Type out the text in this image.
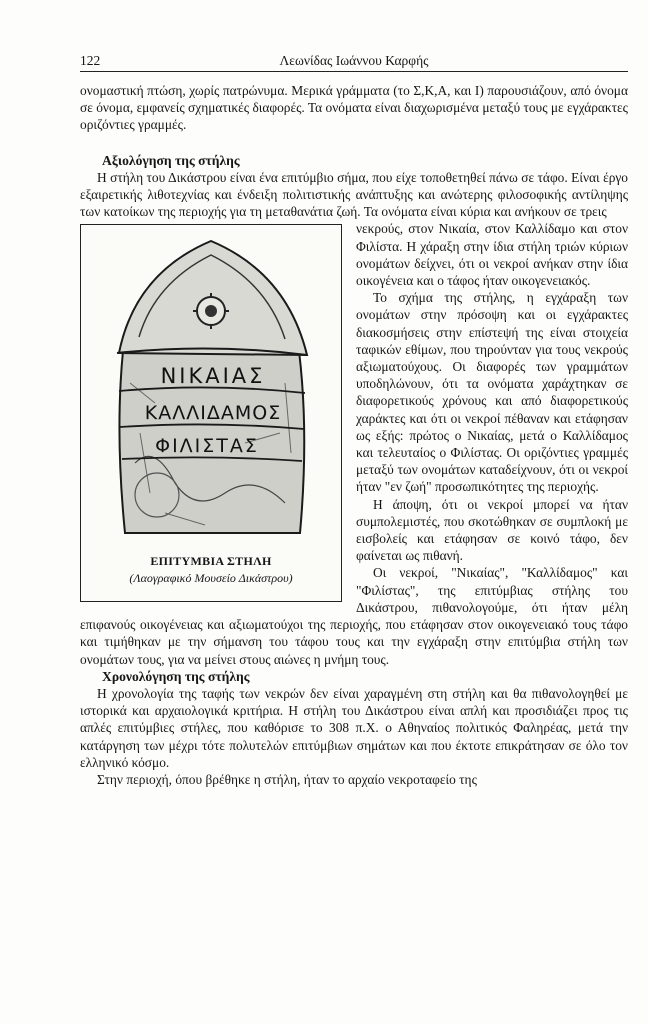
122	Λεωνίδας Ιωάννου Καρφής

ονομαστική πτώση, χωρίς πατρώνυμα. Μερικά γράμματα (το Σ,Κ,Α, και Ι) παρουσιάζουν, από όνομα σε όνομα, εμφανείς σχηματικές διαφορές. Τα ονόματα είναι διαχωρισμένα μεταξύ τους με εγχάρακτες οριζόντιες γραμμές.

Αξιολόγηση της στήλης

Η στήλη του Δικάστρου είναι ένα επιτύμβιο σήμα, που είχε τοποθετηθεί πάνω σε τάφο. Είναι έργο εξαιρετικής λιθοτεχνίας και ένδειξη πολιτιστικής ανάπτυξης και ανώτερης φιλοσοφικής αντίληψης των κατοίκων της περιοχής για τη μεταθανάτια ζωή. Τα ονόματα είναι κύρια και ανήκουν σε τρεις

ΝΙΚΑΙΑΣ
ΚΑΛΛΙΔΑΜΟΣ
ΦΙΛΙΣΤΑΣ
ΕΠΙΤΥΜΒΙΑ ΣΤΗΛΗ
(Λαογραφικό Μουσείο Δικάστρου)

νεκρούς, στον Νικαία, στον Καλλίδαμο και στον Φιλίστα. Η χάραξη στην ίδια στήλη τριών κύριων ονομάτων δείχνει, ότι οι νεκροί ανήκαν στην ίδια οικογένεια και ο τάφος ήταν οικογενειακός.

Το σχήμα της στήλης, η εγχάραξη των ονομάτων στην πρόσοψη και οι εγχάρακτες διακοσμήσεις στην επίστεψή της είναι στοιχεία ταφικών εθίμων, που τηρούνταν για τους νεκρούς αξιωματούχους. Οι διαφορές των γραμμάτων υποδηλώνουν, ότι τα ονόματα χαράχτηκαν σε διαφορετικούς χρόνους και από διαφορετικούς χαράκτες και ότι οι νεκροί πέθαναν και ετάφησαν ως εξής: πρώτος ο Νικαίας, μετά ο Καλλίδαμος και τελευταίος ο Φιλίστας. Οι οριζόντιες γραμμές μεταξύ των ονομάτων καταδείχνουν, ότι οι νεκροί ήταν "εν ζωή" προσωπικότητες της περιοχής.

Η άποψη, ότι οι νεκροί μπορεί να ήταν συμπολεμιστές, που σκοτώθηκαν σε συμπλοκή με εισβολείς και ετάφησαν σε κοινό τάφο, δεν φαίνεται ως πιθανή.

Οι νεκροί, "Νικαίας", "Καλλίδαμος" και "Φιλίστας", της επιτύμβιας στήλης του Δικάστρου, πιθανολογούμε, ότι ήταν μέλη επιφανούς οικογένειας και αξιωματούχοι της περιοχής, που ετάφησαν στον οικογενειακό τους τάφο και τιμήθηκαν με την σήμανση του τάφου τους και την εγχάραξη στην επιτύμβια στήλη των ονομάτων τους, για να μείνει στους αιώνες η μνήμη τους.

Χρονολόγηση της στήλης

Η χρονολογία της ταφής των νεκρών δεν είναι χαραγμένη στη στήλη και θα πιθανολογηθεί με ιστορικά και αρχαιολογικά κριτήρια. Η στήλη του Δικάστρου είναι απλή και προσιδιάζει προς τις απλές επιτύμβιες στήλες, που καθόρισε το 308 π.Χ. ο Αθηναίος πολιτικός Φαληρέας, μετά την κατάργηση των μέχρι τότε πολυτελών επιτύμβιων σημάτων και που έκτοτε επικράτησαν σε όλο τον ελληνικό κόσμο.

Στην περιοχή, όπου βρέθηκε η στήλη, ήταν το αρχαίο νεκροταφείο της
